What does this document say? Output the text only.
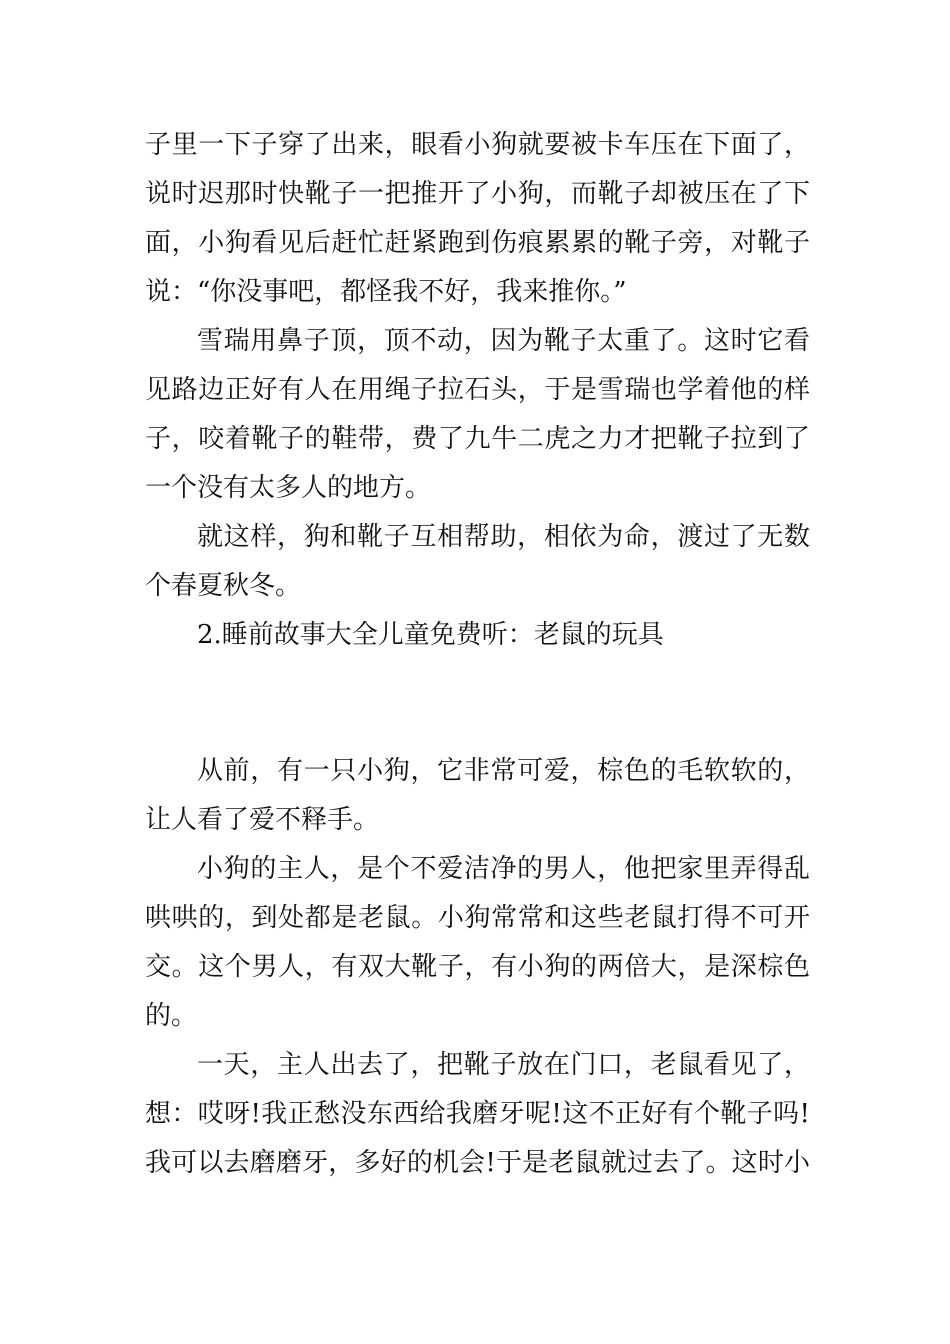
子里一下子穿了出来，眼看小狗就要被卡车压在下面了，
说时迟那时快靴子一把推开了小狗，而靴子却被压在了下
面，小狗看见后赶忙赶紧跑到伤痕累累的靴子旁，对靴子
说：“你没事吧，都怪我不好，我来推你。”
雪瑞用鼻子顶，顶不动，因为靴子太重了。这时它看
见路边正好有人在用绳子拉石头，于是雪瑞也学着他的样
子，咬着靴子的鞋带，费了九牛二虎之力才把靴子拉到了
一个没有太多人的地方。
就这样，狗和靴子互相帮助，相依为命，渡过了无数
个春夏秋冬。
2.睡前故事大全儿童免费听：老鼠的玩具
从前，有一只小狗，它非常可爱，棕色的毛软软的，
让人看了爱不释手。
小狗的主人，是个不爱洁净的男人，他把家里弄得乱
哄哄的，到处都是老鼠。小狗常常和这些老鼠打得不可开
交。这个男人，有双大靴子，有小狗的两倍大，是深棕色
的。
一天，主人出去了，把靴子放在门口，老鼠看见了，
想：哎呀!我正愁没东西给我磨牙呢!这不正好有个靴子吗!
我可以去磨磨牙，多好的机会!于是老鼠就过去了。这时小
